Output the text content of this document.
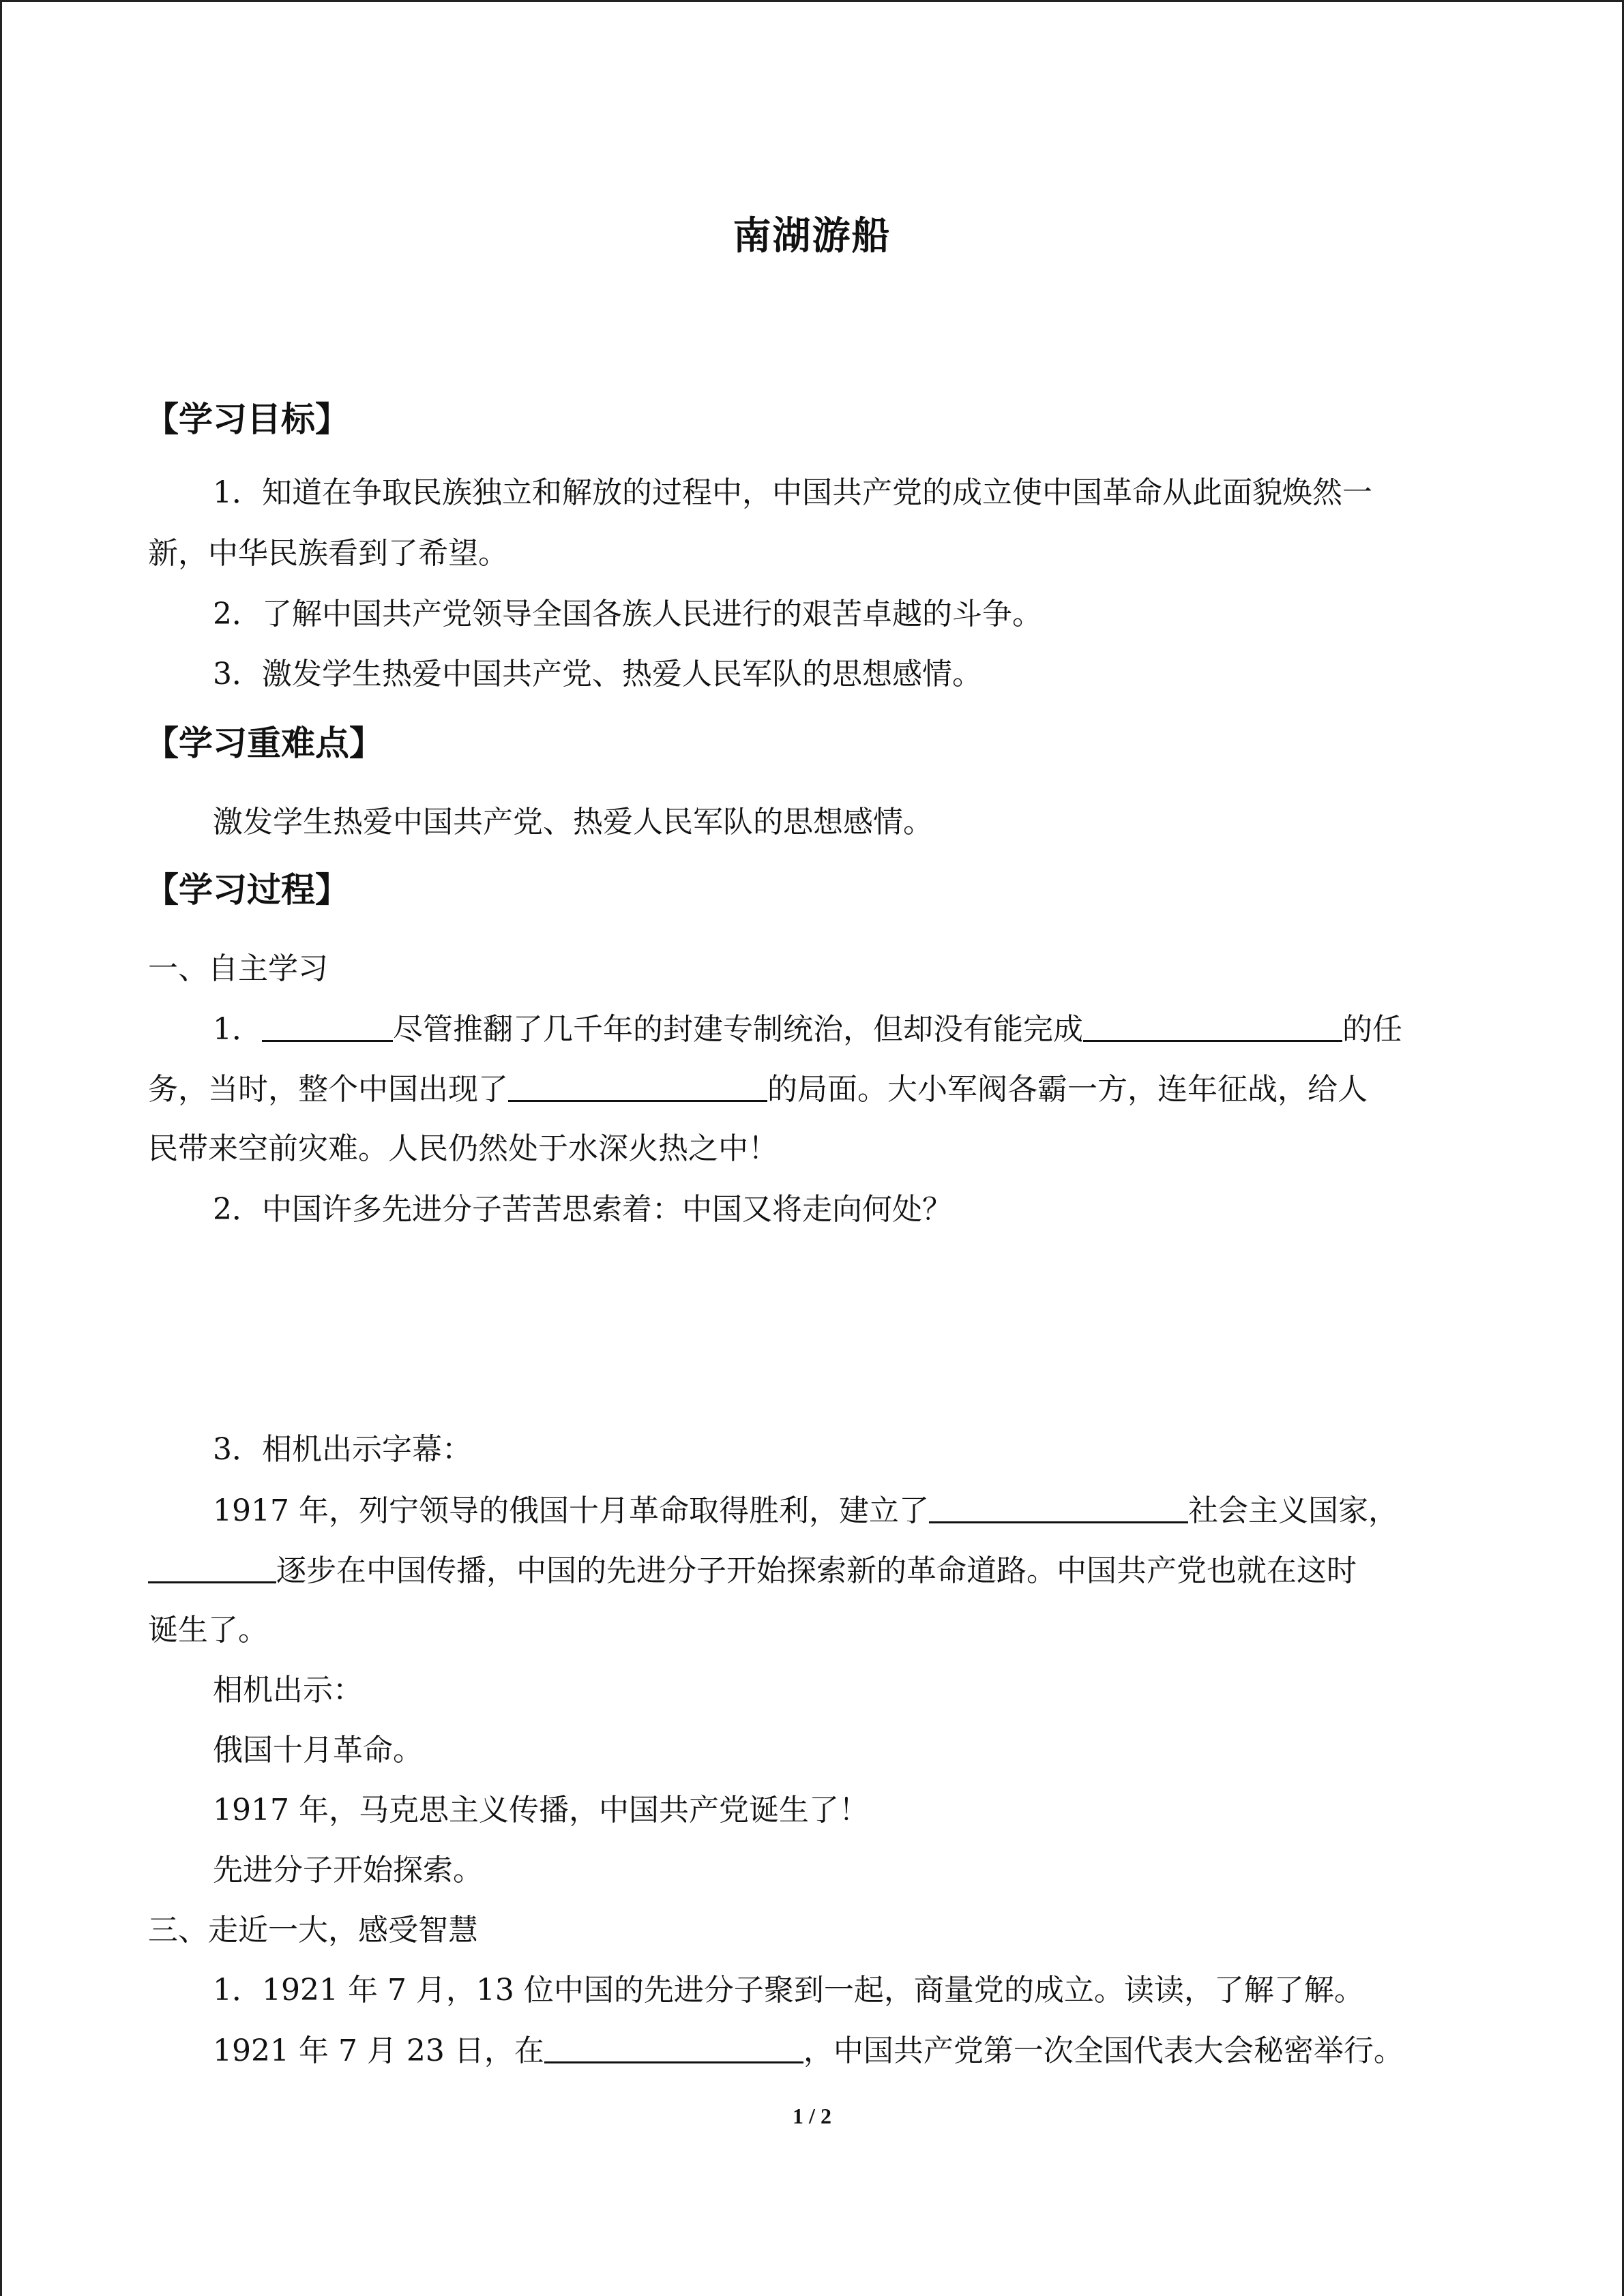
南湖游船
【学习目标】
1．知道在争取民族独立和解放的过程中，中国共产党的成立使中国革命从此面貌焕然一
新，中华民族看到了希望。
2．了解中国共产党领导全国各族人民进行的艰苦卓越的斗争。
3．激发学生热爱中国共产党、热爱人民军队的思想感情。
【学习重难点】
激发学生热爱中国共产党、热爱人民军队的思想感情。
【学习过程】
一、自主学习
1．	尽管推翻了几千年的封建专制统治，但却没有能完成	的任
务，当时，整个中国出现了	的局面。大小军阀各霸一方，连年征战，给人
民带来空前灾难。人民仍然处于水深火热之中！
2．中国许多先进分子苦苦思索着：中国又将走向何处？
3．相机出示字幕：
1917 年，列宁领导的俄国十月革命取得胜利，建立了	社会主义国家，
逐步在中国传播，中国的先进分子开始探索新的革命道路。中国共产党也就在这时
诞生了。
相机出示：
俄国十月革命。
1917 年，马克思主义传播，中国共产党诞生了！
先进分子开始探索。
三、走近一大，感受智慧
1．1921 年 7 月，13 位中国的先进分子聚到一起，商量党的成立。读读，了解了解。
1921 年 7 月 23 日，在	，中国共产党第一次全国代表大会秘密举行。
1 / 2
